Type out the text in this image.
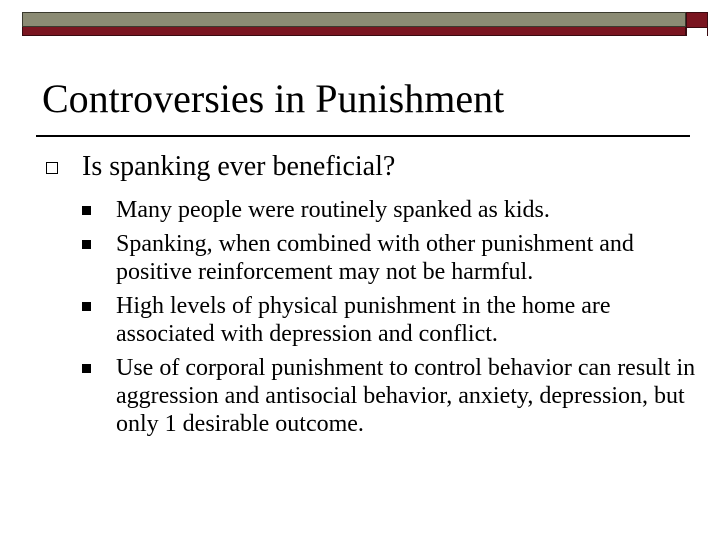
Controversies in Punishment

Is spanking ever beneficial?

Many people were routinely spanked as kids.
Spanking, when combined with other punishment and positive reinforcement may not be harmful.
High levels of physical punishment in the home are associated with depression and conflict.
Use of corporal punishment to control behavior can result in aggression and antisocial behavior, anxiety, depression, but only 1 desirable outcome.
